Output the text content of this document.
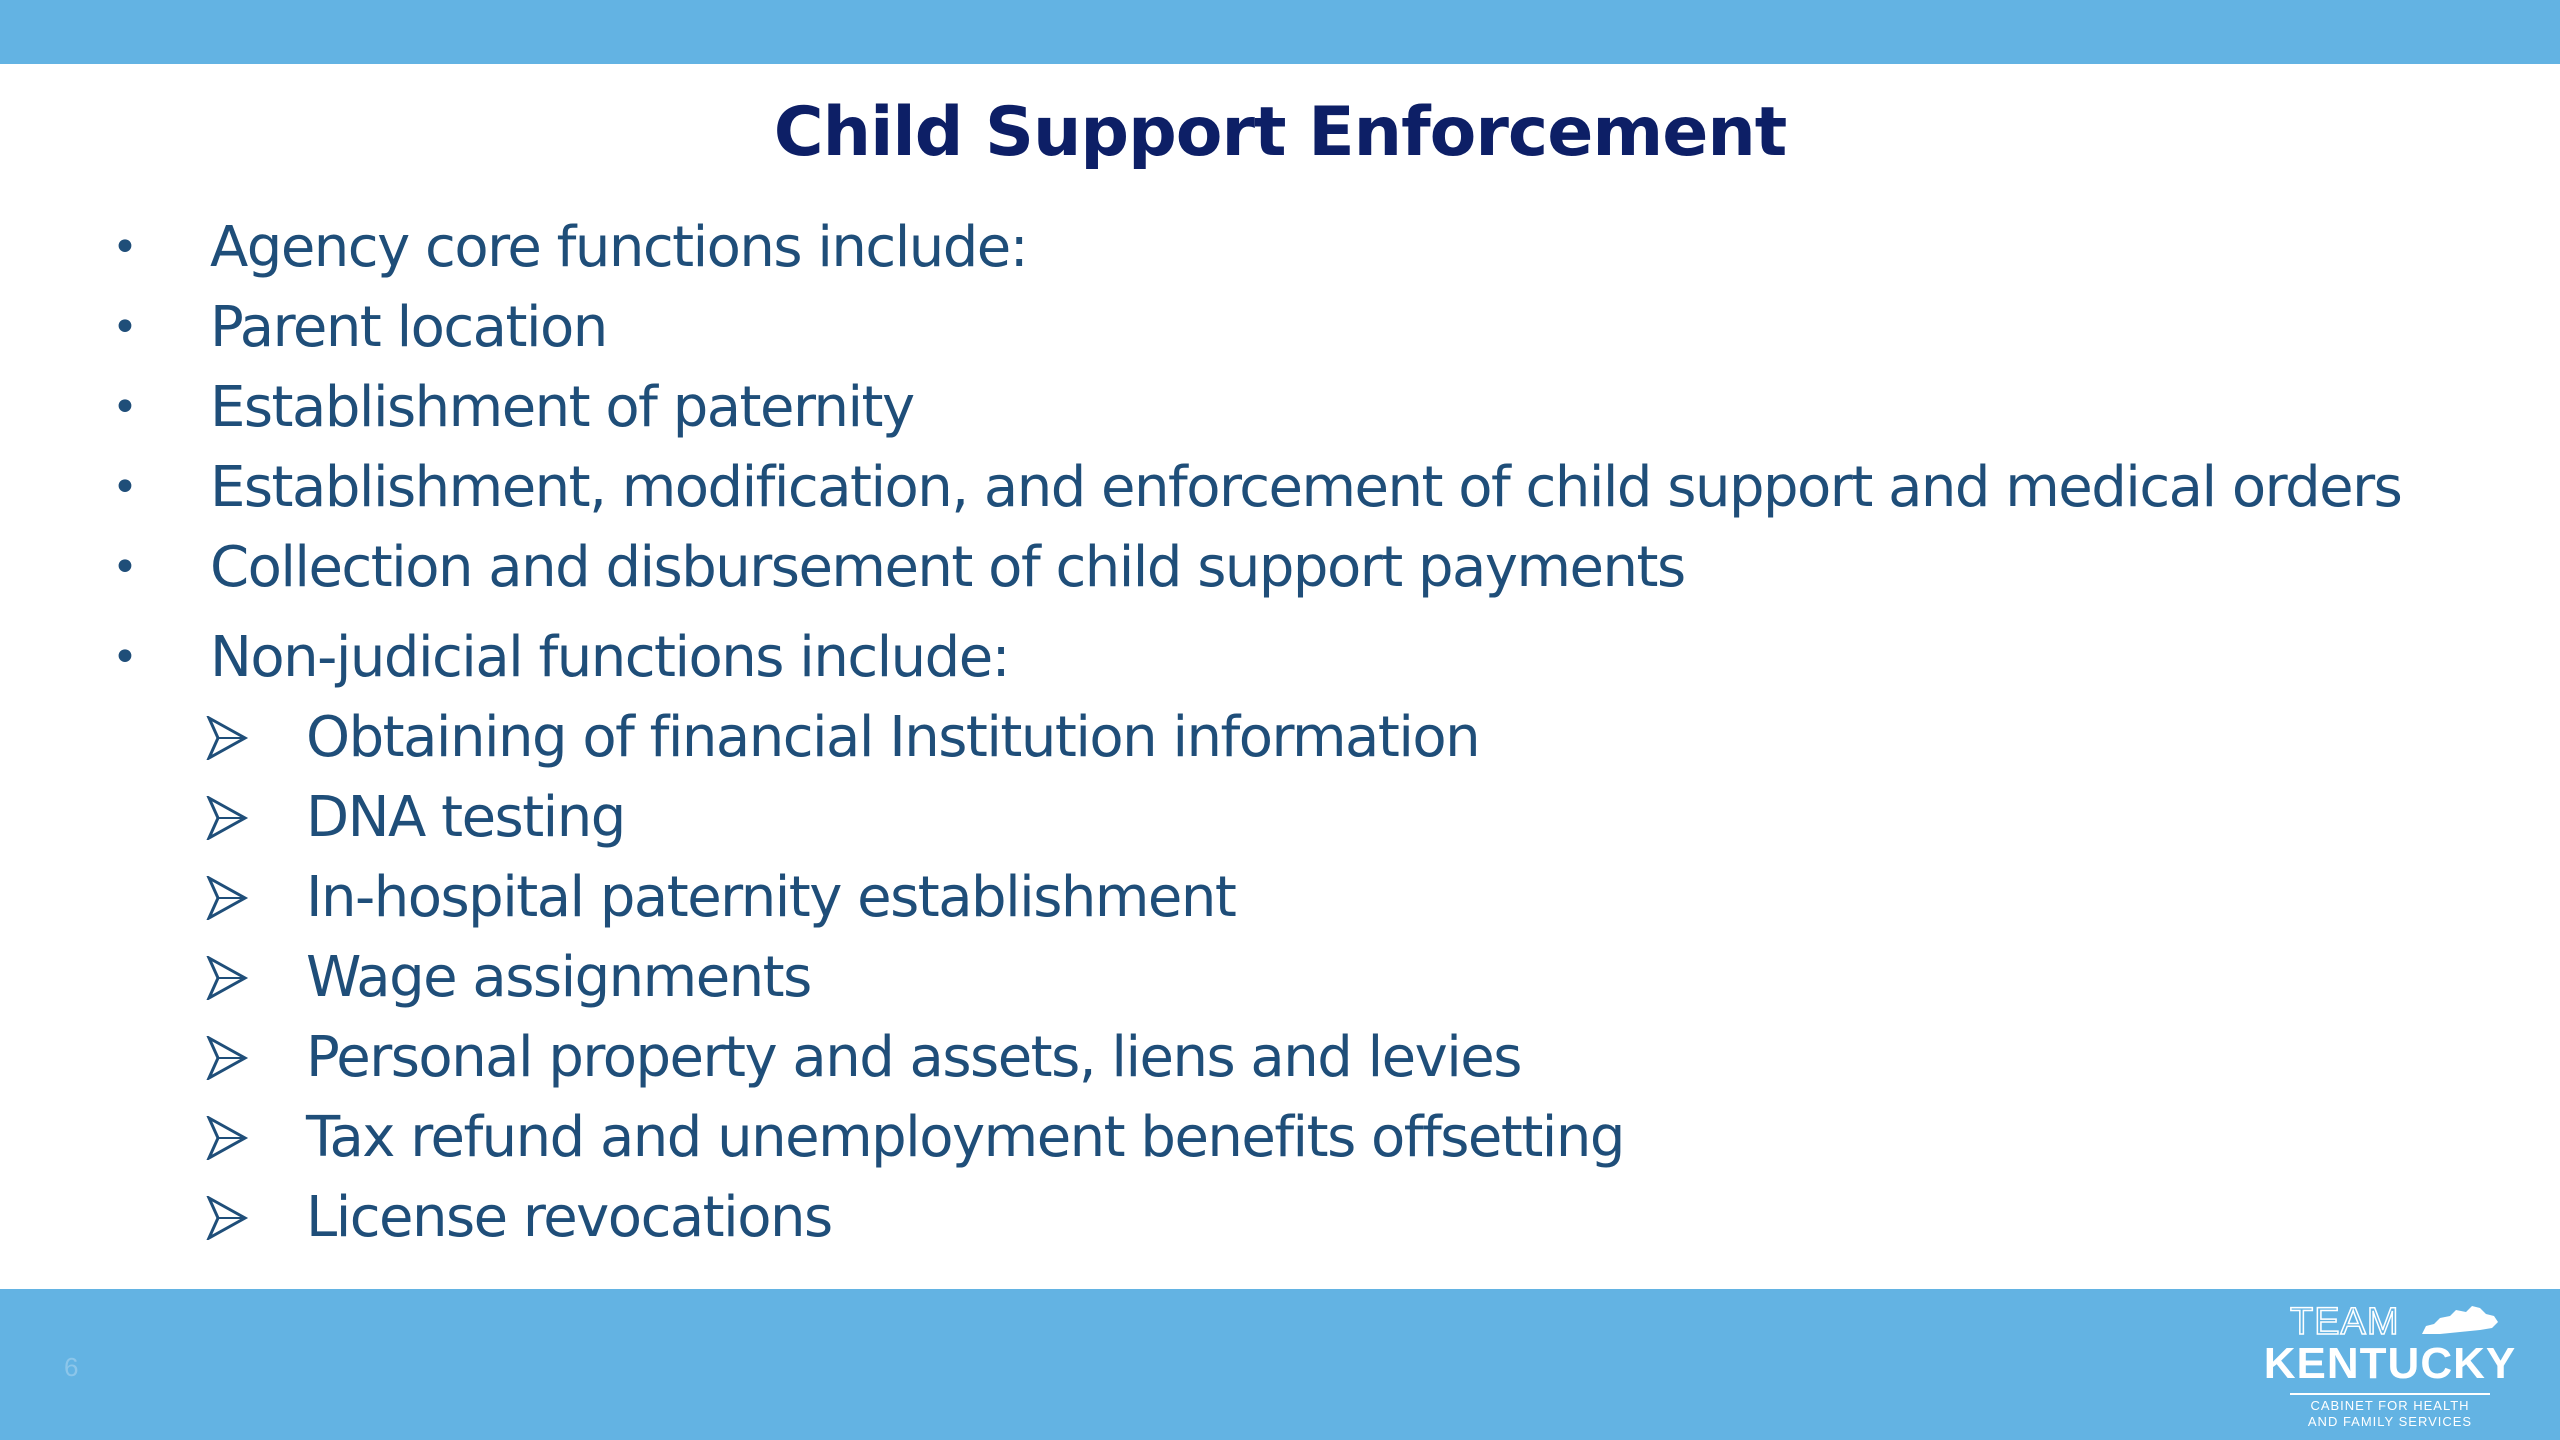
Child Support Enforcement
•	Agency core functions include:
•	Parent location
•	Establishment of paternity
•	Establishment, modification, and enforcement of child support and medical orders
•	Collection and disbursement of child support payments
•	Non-judicial functions include:
Obtaining of financial Institution information
DNA testing
In-hospital paternity establishment
Wage assignments
Personal property and assets, liens and levies
Tax refund and unemployment benefits offsetting
License revocations
6
TEAM
KENTUCKY
CABINET FOR HEALTH
AND FAMILY SERVICES
